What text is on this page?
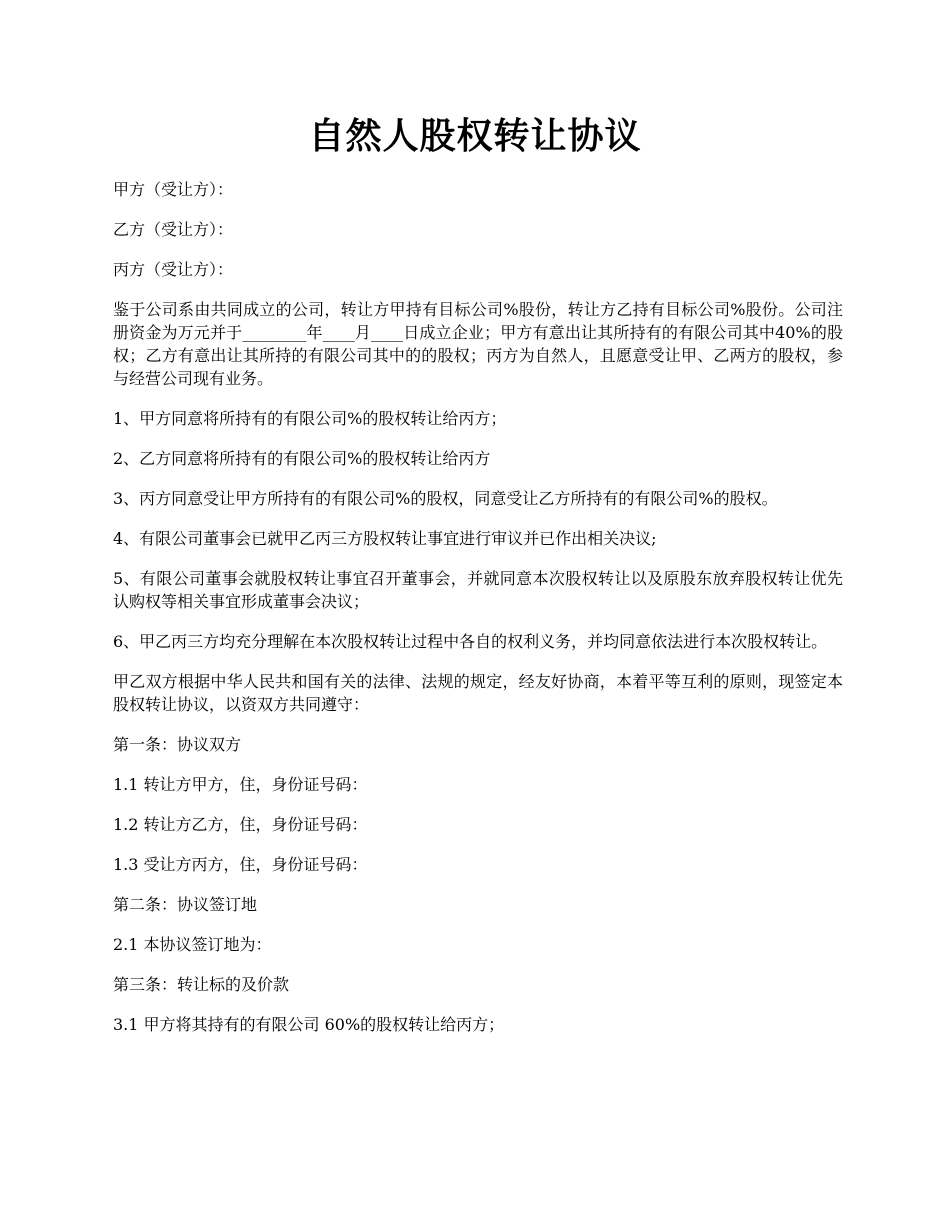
自然人股权转让协议

甲方（受让方）：

乙方（受让方）：

丙方（受让方）：

鉴于公司系由共同成立的公司，转让方甲持有目标公司%股份，转让方乙持有目标公司%股份。公司注册资金为万元并于________年____月____日成立企业；甲方有意出让其所持有的有限公司其中40%的股权；乙方有意出让其所持的有限公司其中的的股权；丙方为自然人，且愿意受让甲、乙两方的股权，参与经营公司现有业务。

1、甲方同意将所持有的有限公司%的股权转让给丙方；

2、乙方同意将所持有的有限公司%的股权转让给丙方

3、丙方同意受让甲方所持有的有限公司%的股权，同意受让乙方所持有的有限公司%的股权。

4、有限公司董事会已就甲乙丙三方股权转让事宜进行审议并已作出相关决议;

5、有限公司董事会就股权转让事宜召开董事会，并就同意本次股权转让以及原股东放弃股权转让优先认购权等相关事宜形成董事会决议；

6、甲乙丙三方均充分理解在本次股权转让过程中各自的权利义务，并均同意依法进行本次股权转让。

甲乙双方根据中华人民共和国有关的法律、法规的规定，经友好协商，本着平等互利的原则，现签定本股权转让协议，以资双方共同遵守：

第一条：协议双方

1.1 转让方甲方，住，身份证号码：

1.2 转让方乙方，住，身份证号码：

1.3 受让方丙方，住，身份证号码：

第二条：协议签订地

2.1 本协议签订地为：

第三条：转让标的及价款

3.1 甲方将其持有的有限公司 60%的股权转让给丙方；
